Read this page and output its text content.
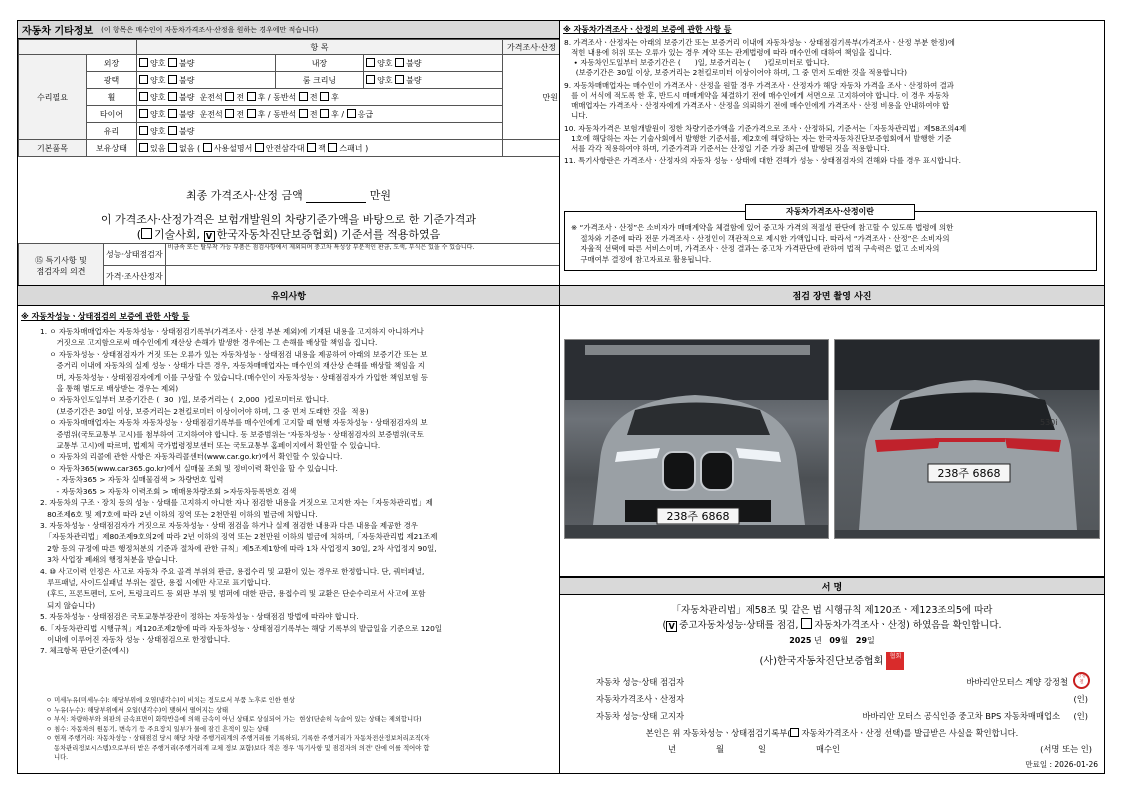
자동차 기타정보 (이 항목은 매수인이 자동차가격조사·산정을 원하는 경우에만 적습니다)
		항 목			가격조사·산정
수리필요	외장	양호 불량	내장	양호 불량	만원
	광택	양호 불량	룸 크리닝	양호 불량	
	휠	양호 불량 운전석 전 후 / 동반석 전 후			
	타이어	양호 불량 운전석 전 후 / 동반석 전 후 / 응급			
	유리	양호 불량			
기본품목	보유상태	있음 없음 ( 사용설명서 안전삼각대 잭 스패너 )			
최종 가격조사·산정 금액	만원
이 가격조사·산정가격은 보험개발원의 차량기준가액을 바탕으로 한 기준가격과
( 기술사회, V 한국자동차진단보증협회) 기준서를 적용하였음
⑮ 특기사항 및
점검자의 의견	성능·상태점검자	비금속 또는 탈부착 가능 부품은 점검사항에서 제외되며 중고차 특성상 부분적인 판금, 도색, 부식은 있을 수 있습니다.
	가격·조사산정자	
※ 자동차가격조사ㆍ산정의 보증에 관한 사항 등
8. 가격조사ㆍ산정자는 아래의 보증기간 또는 보증거리 이내에 자동차성능ㆍ상태점검기록부(가격조사ㆍ산정 부분 한정)에
적힌 내용에 허위 또는 오류가 있는 경우 계약 또는 관계법령에 따라 매수인에 대하여 책임을 집니다.
∙ 자동차인도일부터 보증기간은 (      )일, 보증거리는 (      )킬로미터로 합니다.
(보증기간은 30일 이상, 보증거리는 2천킬로미터 이상이어야 하며, 그 중 먼저 도래한 것을 적용합니다)
9. 자동차매매업자는 매수인이 가격조사ㆍ산정을 원할 경우 가격조사ㆍ산정자가 해당 자동차 가격을 조사ㆍ산정하여 결과
를 이 서식에 적도록 한 후, 반드시 매매계약을 체결하기 전에 매수인에게 서면으로 고지하여야 합니다. 이 경우 자동차
매매업자는 가격조사ㆍ산정자에게 가격조사ㆍ산정을 의뢰하기 전에 매수인에게 가격조사ㆍ산정 비용을 안내하여야 합
니다.
10. 자동차가격은 보험개발원이 정한 차량기준가액을 기준가격으로 조사ㆍ산정하되, 기준서는「자동차관리법」제58조의4제
1호에 해당하는 자는 기술사회에서 발행한 기준서를, 제2호에 해당하는 자는 한국자동차진단보증협회에서 발행한 기준
서를 각각 적용하여야 하며, 기준가격과 기준서는 산정일 기준 가장 최근에 발행된 것을 적용합니다.
11. 특기사항란은 가격조사ㆍ산정자의 자동차 성능ㆍ상태에 대한 견해가 성능ㆍ상태점검자의 견해와 다를 경우 표시합니다.
자동차가격조사·산정이란
※ “가격조사ㆍ산정”은 소비자가 매매계약을 체결함에 있어 중고차 가격의 적절성 판단에 참고할 수 있도록 법령에 의한
절차와 기준에 따라 전문 가격조사ㆍ산정인이 객관적으로 제시한 가액입니다. 따라서 “가격조사ㆍ산정”은 소비자의
자율적 선택에 따른 서비스이며, 가격조사ㆍ산정 결과는 중고차 가격판단에 관하여 법적 구속력은 없고 소비자의
구매여부 결정에 참고자료로 활용됩니다.
유의사항
※ 자동차성능ㆍ상태점검의 보증에 관한 사항 등
1. ㅇ 자동차매매업자는 자동차성능ㆍ상태점검기록부(가격조사ㆍ산정 부분 제외)에 기재된 내용을 고지하지 아니하거나
거짓으로 고지함으로써 매수인에게 재산상 손해가 발생한 경우에는 그 손해를 배상할 책임을 집니다.
ㅇ 자동차성능ㆍ상태점검자가 거짓 또는 오류가 있는 자동차성능ㆍ상태점검 내용을 제공하여 아래의 보증기간 또는 보
증거리 이내에 자동차의 실제 성능ㆍ상태가 다른 경우, 자동차매매업자는 매수인의 재산상 손해를 배상할 책임을 지
며, 자동차성능ㆍ상태점검자에게 이를 구상할 수 있습니다.(매수인이 자동차성능ㆍ상태점검자가 가입한 책임보험 등
을 통해 별도로 배상받는 경우는 제외)
ㅇ 자동차인도일부터 보증기간은 (  30  )일, 보증거리는 (  2,000  )킬로미터로 합니다.
(보증기간은 30일 이상, 보증거리는 2천킬로미터 이상이어야 하며, 그 중 먼저 도래한 것을  적용)
ㅇ 자동차매매업자는 자동차 자동차성능ㆍ상태점검기록부를 매수인에게 고지할 때 현행 자동차성능ㆍ상태점검자의 보
증범위(국토교통부 고시)를 첨부하여 고지하여야 합니다. 동 보증범위는 '자동차성능ㆍ상태점검자의 보증범위(국토
교통부 고시)에 따르며, 법제처 국가법령정보센터 또는 국토교통부 홈페이지에서 확인할 수 있습니다.
ㅇ 자동차의 리콜에 관한 사항은 자동차리콜센터(www.car.go.kr)에서 확인할 수 있습니다.
ㅇ 자동차365(www.car365.go.kr)에서 실매물 조회 및 정비이력 확인을 할 수 있습니다.
- 자동차365 > 자동차 실매물검색 > 차량번호 입력
- 자동차365 > 자동차 이력조회 > 매매용차량조회 >자동차등록번호 검색
2. 자동차의 구조ㆍ장치 등의 성능ㆍ상태를 고지하지 아니한 자나 점검한 내용을 거짓으로 고지한 자는「자동차관리법」제
80조제6호 및 제7호에 따라 2년 이하의 징역 또는 2천만원 이하의 벌금에 처합니다.
3. 자동차성능ㆍ상태점검자가 거짓으로 자동차성능ㆍ상태 점검을 하거나 실제 점검한 내용과 다른 내용을 제공한 경우
「자동차관리법」제80조제9호의2에 따라 2년 이하의 징역 또는 2천만원 이하의 벌금에 처하며,「자동차관리법 제21조제
2항 등의 규정에 따른 행정처분의 기준과 절차에 관한 규칙」제5조제1항에 따라 1차 사업정지 30일, 2차 사업정지 90일,
3차 사업장 폐쇄의 행정처분을 받습니다.
4. ⑩ 사고이력 인정은 사고로 자동차 주요 골격 부위의 판금, 용접수리 및 교환이 있는 경우로 한정합니다. 단, 쿼터패널,
루프패널, 사이드실패널 부위는 절단, 용접 시에만 사고로 표기합니다.
(후드, 프론트펜더, 도어, 트렁크리드 등 외판 부위 및 범퍼에 대한 판금, 용접수리 및 교환은 단순수리로서 사고에 포함
되지 않습니다)
5. 자동차성능ㆍ상태점검은 국토교통부장관이 정하는 자동차성능ㆍ상태점검 방법에 따라야 합니다.
6.「자동차관리법 시행규칙」제120조제2항에 따라 자동차성능ㆍ상태점검기록부는 해당 기록부의 발급일을 기준으로 120일
이내에 이루어진 자동차 성능ㆍ상태점검으로 한정합니다.
7. 체크항목 판단기준(예시)
ㅇ 미세누유(미세누수): 해당부위에 오염(냉각수)이 비치는 정도로서 부품 노후로 인한 현상
ㅇ 누유(누수): 해당부위에서 오일(냉각수)이 맺혀서 떨어지는 상태
ㅇ 부식: 차량하부와 외판의 금속표면이 화학반응에 의해 금속이 아닌 상태로 상실되어 가는  현상(단순히 녹슬어 있는 상태는 제외합니다)
ㅇ 침수: 자동차의 원동기, 변속기 등 주요장치 일부가 물에 잠긴 흔적이 있는 상태
ㅇ 현재 주행거리: 자동차성능ㆍ상태점검 당시 해당 차량 주행거리계의 주행거리를 기록하되, 기록한 주행거리가 자동차전산정보처리조직(자
동차관리정보시스템)으로부터 받은 주행거리(주행거리계 교체 정보 포함)보다 적은 경우 '특기사항 및 점검자의 의견' 란에 이를 적어야 합
니다.
점검 장면 촬영 사진
238주 6868
530i
238주 6868
서 명
「자동차관리법」제58조 및 같은 법 시행규칙 제120조ㆍ제123조의5에 따라
( V 중고자동차성능·상태를 점검, 자동차가격조사ㆍ산정) 하였음을 확인합니다.
2025 년 09월 29일
(사)한국자동차진단보증협회 협회
자동차 성능·상태 점검자	바바리안모터스 계양 강정철
강정철
자동차가격조사ㆍ산정자	(인)
자동차 성능·상태 고지자	바바리안 모터스 공식인증 중고차 BPS 자동차매매업소 (인)
본인은 위 자동차성능ㆍ상태점검기록부( 자동차가격조사ㆍ산정 선택)를 발급받은 사실을 확인합니다.
년	월	일	매수인	(서명 또는 인)
만료일 : 2026-01-26
